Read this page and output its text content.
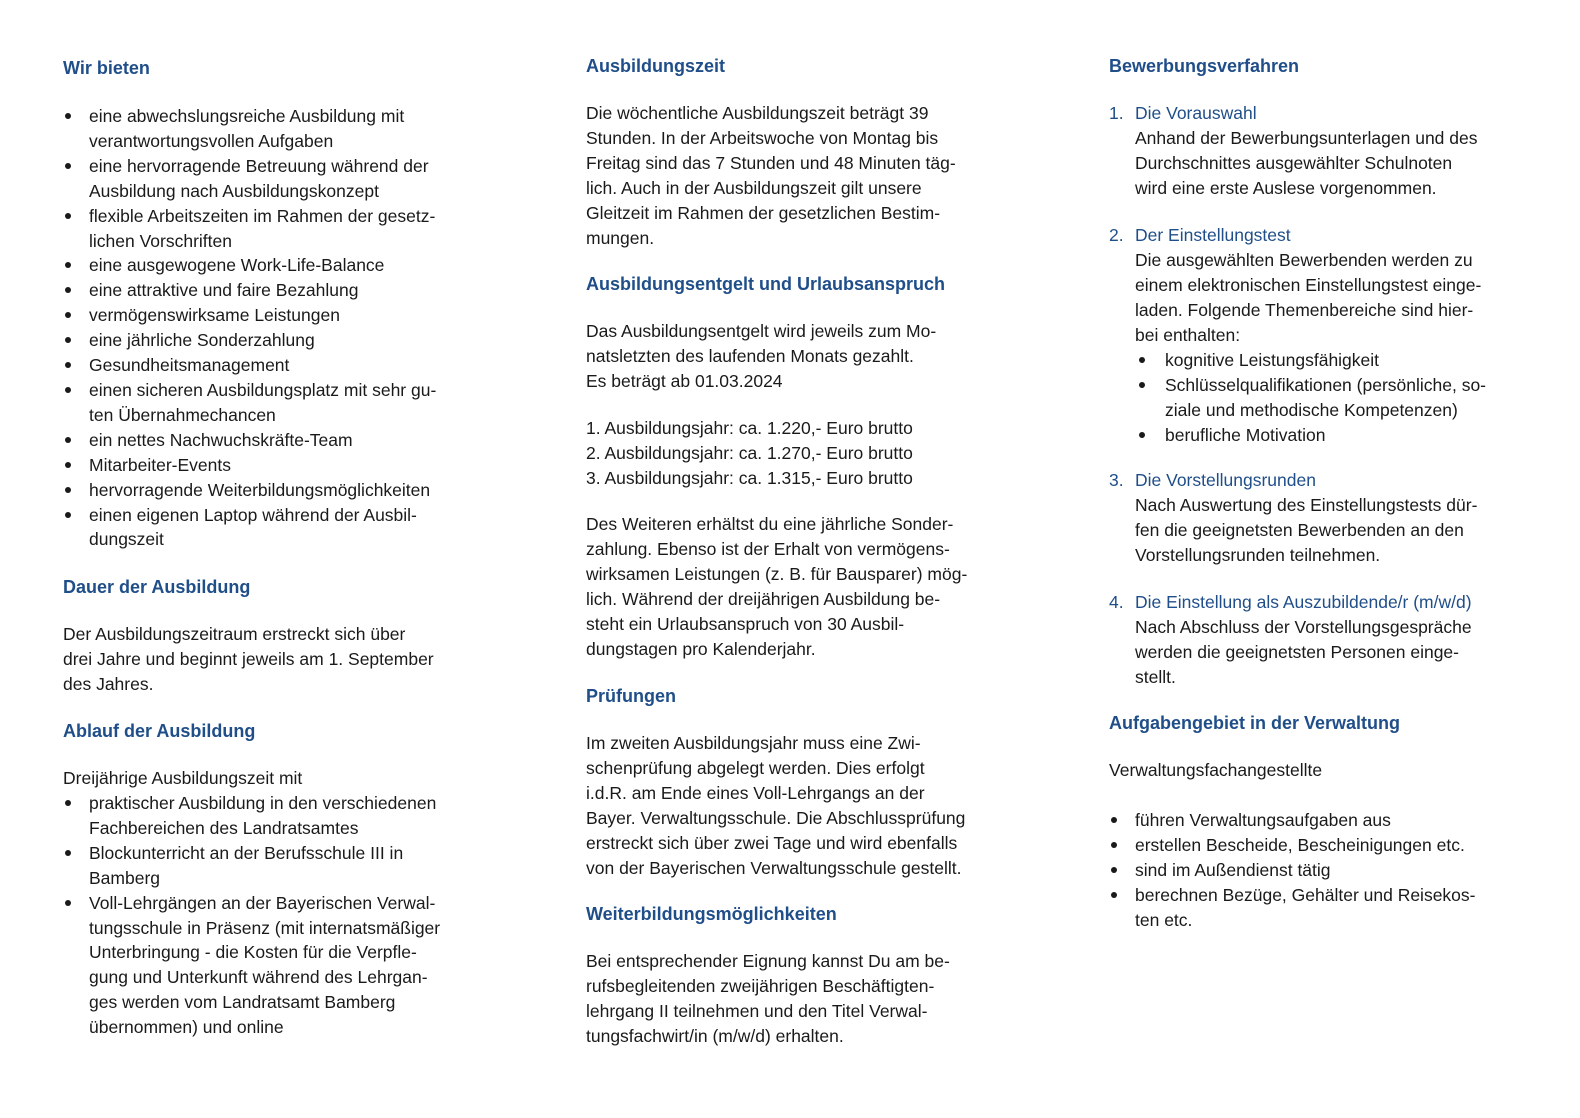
Wir bieten
eine abwechslungsreiche Ausbildung mit
verantwortungsvollen Aufgaben
eine hervorragende Betreuung während der
Ausbildung nach Ausbildungskonzept
flexible Arbeitszeiten im Rahmen der gesetz-
lichen Vorschriften
eine ausgewogene Work-Life-Balance
eine attraktive und faire Bezahlung
vermögenswirksame Leistungen
eine jährliche Sonderzahlung
Gesundheitsmanagement
einen sicheren Ausbildungsplatz mit sehr gu-
ten Übernahmechancen
ein nettes Nachwuchskräfte-Team
Mitarbeiter-Events
hervorragende Weiterbildungsmöglichkeiten
einen eigenen Laptop während der Ausbil-
dungszeit
Dauer der Ausbildung

Der Ausbildungszeitraum erstreckt sich über
drei Jahre und beginnt jeweils am 1. September
des Jahres.

Ablauf der Ausbildung

Dreijährige Ausbildungszeit mit

praktischer Ausbildung in den verschiedenen
Fachbereichen des Landratsamtes
Blockunterricht an der Berufsschule III in
Bamberg
Voll-Lehrgängen an der Bayerischen Verwal-
tungsschule in Präsenz (mit internatsmäßiger
Unterbringung - die Kosten für die Verpfle-
gung und Unterkunft während des Lehrgan-
ges werden vom Landratsamt Bamberg
übernommen) und online
Ausbildungszeit

Die wöchentliche Ausbildungszeit beträgt 39
Stunden. In der Arbeitswoche von Montag bis
Freitag sind das 7 Stunden und 48 Minuten täg-
lich. Auch in der Ausbildungszeit gilt unsere
Gleitzeit im Rahmen der gesetzlichen Bestim-
mungen.

Ausbildungsentgelt und Urlaubsanspruch

Das Ausbildungsentgelt wird jeweils zum Mo-
natsletzten des laufenden Monats gezahlt.
Es beträgt ab 01.03.2024

1. Ausbildungsjahr: ca. 1.220,- Euro brutto
2. Ausbildungsjahr: ca. 1.270,- Euro brutto
3. Ausbildungsjahr: ca. 1.315,- Euro brutto

Des Weiteren erhältst du eine jährliche Sonder-
zahlung. Ebenso ist der Erhalt von vermögens-
wirksamen Leistungen (z. B. für Bausparer) mög-
lich. Während der dreijährigen Ausbildung be-
steht ein Urlaubsanspruch von 30 Ausbil-
dungstagen pro Kalenderjahr.

Prüfungen

Im zweiten Ausbildungsjahr muss eine Zwi-
schenprüfung abgelegt werden. Dies erfolgt
i.d.R. am Ende eines Voll-Lehrgangs an der
Bayer. Verwaltungsschule. Die Abschlussprüfung
erstreckt sich über zwei Tage und wird ebenfalls
von der Bayerischen Verwaltungsschule gestellt.

Weiterbildungsmöglichkeiten

Bei entsprechender Eignung kannst Du am be-
rufsbegleitenden zweijährigen Beschäftigten-
lehrgang II teilnehmen und den Titel Verwal-
tungsfachwirt/in (m/w/d) erhalten.

Bewerbungsverfahren
1. Die Vorauswahl
Anhand der Bewerbungsunterlagen und des
Durchschnittes ausgewählter Schulnoten
wird eine erste Auslese vorgenommen.
2. Der Einstellungstest
Die ausgewählten Bewerbenden werden zu
einem elektronischen Einstellungstest einge-
laden. Folgende Themenbereiche sind hier-
bei enthalten:
kognitive Leistungsfähigkeit
Schlüsselqualifikationen (persönliche, so-
ziale und methodische Kompetenzen)
berufliche Motivation
3. Die Vorstellungsrunden
Nach Auswertung des Einstellungstests dür-
fen die geeignetsten Bewerbenden an den
Vorstellungsrunden teilnehmen.
4. Die Einstellung als Auszubildende/r (m/w/d)
Nach Abschluss der Vorstellungsgespräche
werden die geeignetsten Personen einge-
stellt.
Aufgabengebiet in der Verwaltung

Verwaltungsfachangestellte

führen Verwaltungsaufgaben aus
erstellen Bescheide, Bescheinigungen etc.
sind im Außendienst tätig
berechnen Bezüge, Gehälter und Reisekos-
ten etc.
